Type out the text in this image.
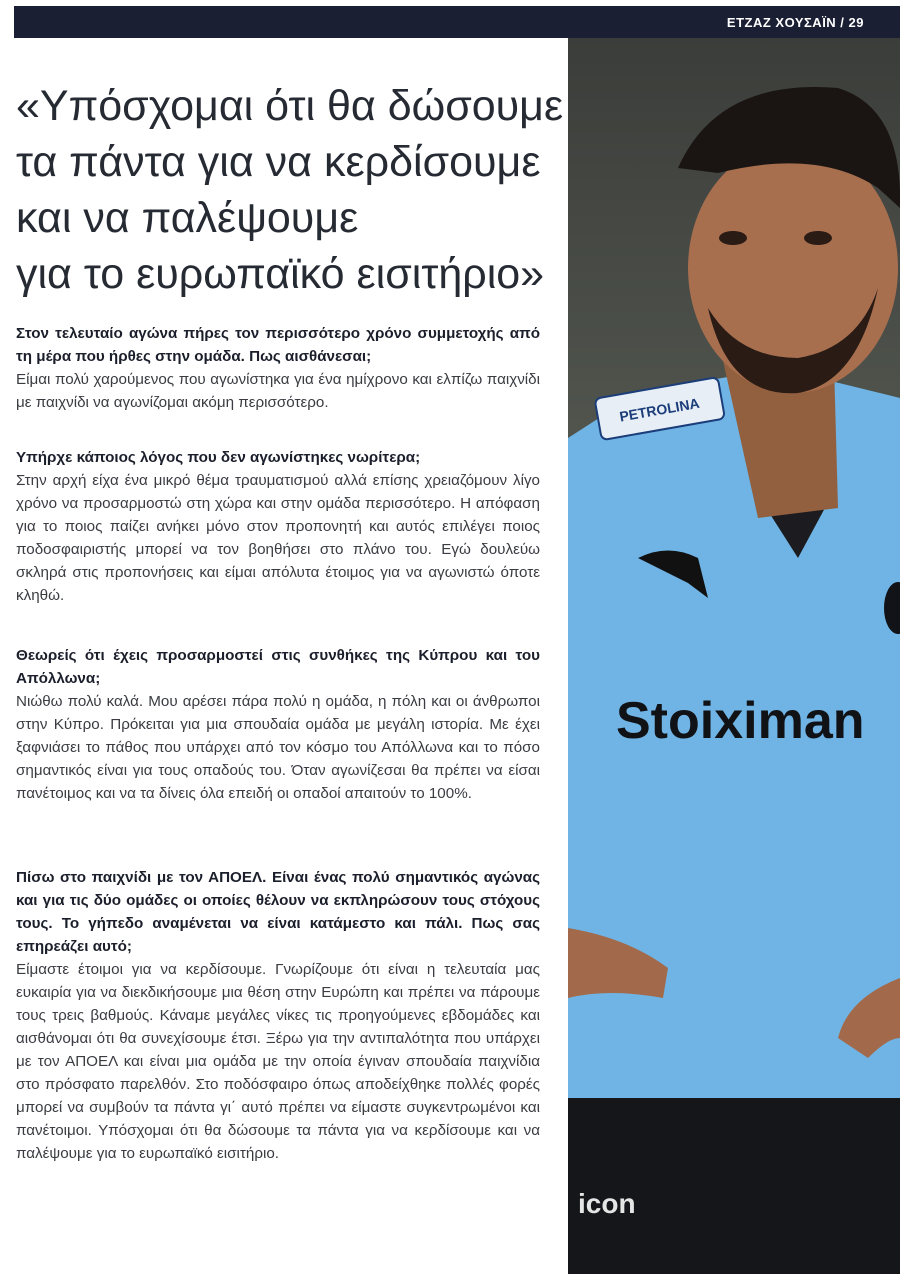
ΕΤΖΑΖ ΧΟΥΣΑΪΝ / 29
«Υπόσχομαι ότι θα δώσουμε
τα πάντα για να κερδίσουμε
και να παλέψουμε
για το ευρωπαϊκό εισιτήριο»

Στον τελευταίο αγώνα πήρες τον περισσότερο χρόνο συμμετοχής από τη μέρα που ήρθες στην ομάδα. Πως αισθάνεσαι;

Είμαι πολύ χαρούμενος που αγωνίστηκα για ένα ημίχρονο και ελπίζω παιχνίδι με παιχνίδι να αγωνίζομαι ακόμη περισσότερο.

Υπήρχε κάποιος λόγος που δεν αγωνίστηκες νωρίτερα;

Στην αρχή είχα ένα μικρό θέμα τραυματισμού αλλά επίσης χρειαζόμουν λίγο χρόνο να προσαρμοστώ στη χώρα και στην ομάδα περισσότερο. Η απόφαση για το ποιος παίζει ανήκει μόνο στον προπονητή και αυτός επιλέγει ποιος ποδοσφαιριστής μπορεί να τον βοηθήσει στο πλάνο του. Εγώ δουλεύω σκληρά στις προπονήσεις και είμαι απόλυτα έτοιμος για να αγωνιστώ όποτε κληθώ.

Θεωρείς ότι έχεις προσαρμοστεί στις συνθήκες της Κύπρου και του Απόλλωνα;

Νιώθω πολύ καλά. Μου αρέσει πάρα πολύ η ομάδα, η πόλη και οι άνθρωποι στην Κύπρο. Πρόκειται για μια σπουδαία ομάδα με μεγάλη ιστορία. Με έχει ξαφνιάσει το πάθος που υπάρχει από τον κόσμο του Απόλλωνα και το πόσο σημαντικός είναι για τους οπαδούς του. Όταν αγωνίζεσαι θα πρέπει να είσαι πανέτοιμος και να τα δίνεις όλα επειδή οι οπαδοί απαιτούν το 100%.

Πίσω στο παιχνίδι με τον ΑΠΟΕΛ. Είναι ένας πολύ σημαντικός αγώνας και για τις δύο ομάδες οι οποίες θέλουν να εκπληρώσουν τους στόχους τους. Το γήπεδο αναμένεται να είναι κατάμεστο και πάλι. Πως σας επηρεάζει αυτό;

Είμαστε έτοιμοι για να κερδίσουμε. Γνωρίζουμε ότι είναι η τελευταία μας ευκαιρία για να διεκδικήσουμε μια θέση στην Ευρώπη και πρέπει να πάρουμε τους τρεις βαθμούς. Κάναμε μεγάλες νίκες τις προηγούμενες εβδομάδες και αισθάνομαι ότι θα συνεχίσουμε έτσι. Ξέρω για την αντιπαλότητα που υπάρχει με τον ΑΠΟΕΛ και είναι μια ομάδα με την οποία έγιναν σπουδαία παιχνίδια στο πρόσφατο παρελθόν. Στο ποδόσφαιρο όπως αποδείχθηκε πολλές φορές μπορεί να συμβούν τα πάντα γι΄ αυτό πρέπει να είμαστε συγκεντρωμένοι και πανέτοιμοι. Υπόσχομαι ότι θα δώσουμε τα πάντα για να κερδίσουμε και να παλέψουμε για το ευρωπαϊκό εισιτήριο.

PETROLINA
Stoiximan
icon
